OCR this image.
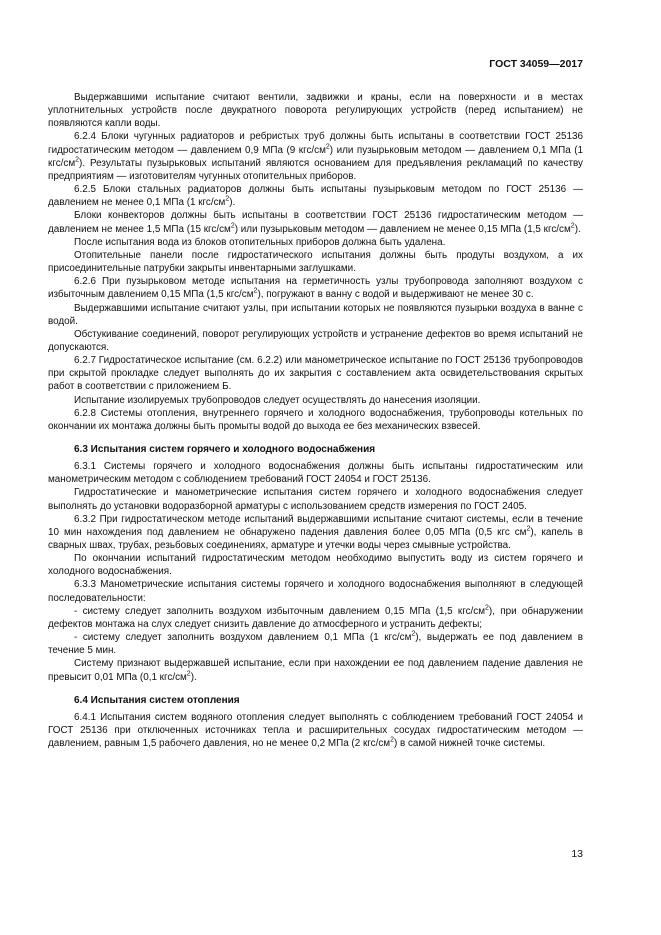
ГОСТ 34059—2017

Выдержавшими испытание считают вентили, задвижки и краны, если на поверхности и в местах уплотнительных устройств после двукратного поворота регулирующих устройств (перед испытанием) не появляются капли воды.

6.2.4 Блоки чугунных радиаторов и ребристых труб должны быть испытаны в соответствии ГОСТ 25136 гидростатическим методом — давлением 0,9 МПа (9 кгс/$см^2$) или пузырьковым методом — давлением 0,1 МПа (1 кгс/$см^2$). Результаты пузырьковых испытаний являются основанием для предъявления рекламаций по качеству предприятиям — изготовителям чугунных отопительных приборов.

6.2.5 Блоки стальных радиаторов должны быть испытаны пузырьковым методом по ГОСТ 25136 — давлением не менее 0,1 МПа (1 кгс/$см^2$).

Блоки конвекторов должны быть испытаны в соответствии ГОСТ 25136 гидростатическим методом — давлением не менее 1,5 МПа (15 кгс/$см^2$) или пузырьковым методом — давлением не менее 0,15 МПа (1,5 кгс/$см^2$).

После испытания вода из блоков отопительных приборов должна быть удалена.

Отопительные панели после гидростатического испытания должны быть продуты воздухом, а их присоединительные патрубки закрыты инвентарными заглушками.

6.2.6 При пузырьковом методе испытания на герметичность узлы трубопровода заполняют воздухом с избыточным давлением 0,15 МПа (1,5 кгс/$см^2$), погружают в ванну с водой и выдерживают не менее 30 с.

Выдержавшими испытание считают узлы, при испытании которых не появляются пузырьки воздуха в ванне с водой.

Обстукивание соединений, поворот регулирующих устройств и устранение дефектов во время испытаний не допускаются.

6.2.7 Гидростатическое испытание (см. 6.2.2) или манометрическое испытание по ГОСТ 25136 трубопроводов при скрытой прокладке следует выполнять до их закрытия с составлением акта освидетельствования скрытых работ в соответствии с приложением Б.

Испытание изолируемых трубопроводов следует осуществлять до нанесения изоляции.

6.2.8 Системы отопления, внутреннего горячего и холодного водоснабжения, трубопроводы котельных по окончании их монтажа должны быть промыты водой до выхода ее без механических взвесей.

6.3 Испытания систем горячего и холодного водоснабжения

6.3.1 Системы горячего и холодного водоснабжения должны быть испытаны гидростатическим или манометрическим методом с соблюдением требований ГОСТ 24054 и ГОСТ 25136.

Гидростатические и манометрические испытания систем горячего и холодного водоснабжения следует выполнять до установки водоразборной арматуры с использованием средств измерения по ГОСТ 2405.

6.3.2 При гидростатическом методе испытаний выдержавшими испытание считают системы, если в течение 10 мин нахождения под давлением не обнаружено падения давления более 0,05 МПа (0,5 кгс $см^2$), капель в сварных швах, трубах, резьбовых соединениях, арматуре и утечки воды через смывные устройства.

По окончании испытаний гидростатическим методом необходимо выпустить воду из систем горячего и холодного водоснабжения.

6.3.3 Манометрические испытания системы горячего и холодного водоснабжения выполняют в следующей последовательности:

- систему следует заполнить воздухом избыточным давлением 0,15 МПа (1,5 кгс/$см^2$), при обнаружении дефектов монтажа на слух следует снизить давление до атмосферного и устранить дефекты;

- систему следует заполнить воздухом давлением 0,1 МПа (1 кгс/$см^2$), выдержать ее под давлением в течение 5 мин.

Систему признают выдержавшей испытание, если при нахождении ее под давлением падение давления не превысит 0,01 МПа (0,1 кгс/$см^2$).

6.4 Испытания систем отопления

6.4.1 Испытания систем водяного отопления следует выполнять с соблюдением требований ГОСТ 24054 и ГОСТ 25136 при отключенных источниках тепла и расширительных сосудах гидростатическим методом — давлением, равным 1,5 рабочего давления, но не менее 0,2 МПа (2 кгс/$см^2$) в самой нижней точке системы.

13
